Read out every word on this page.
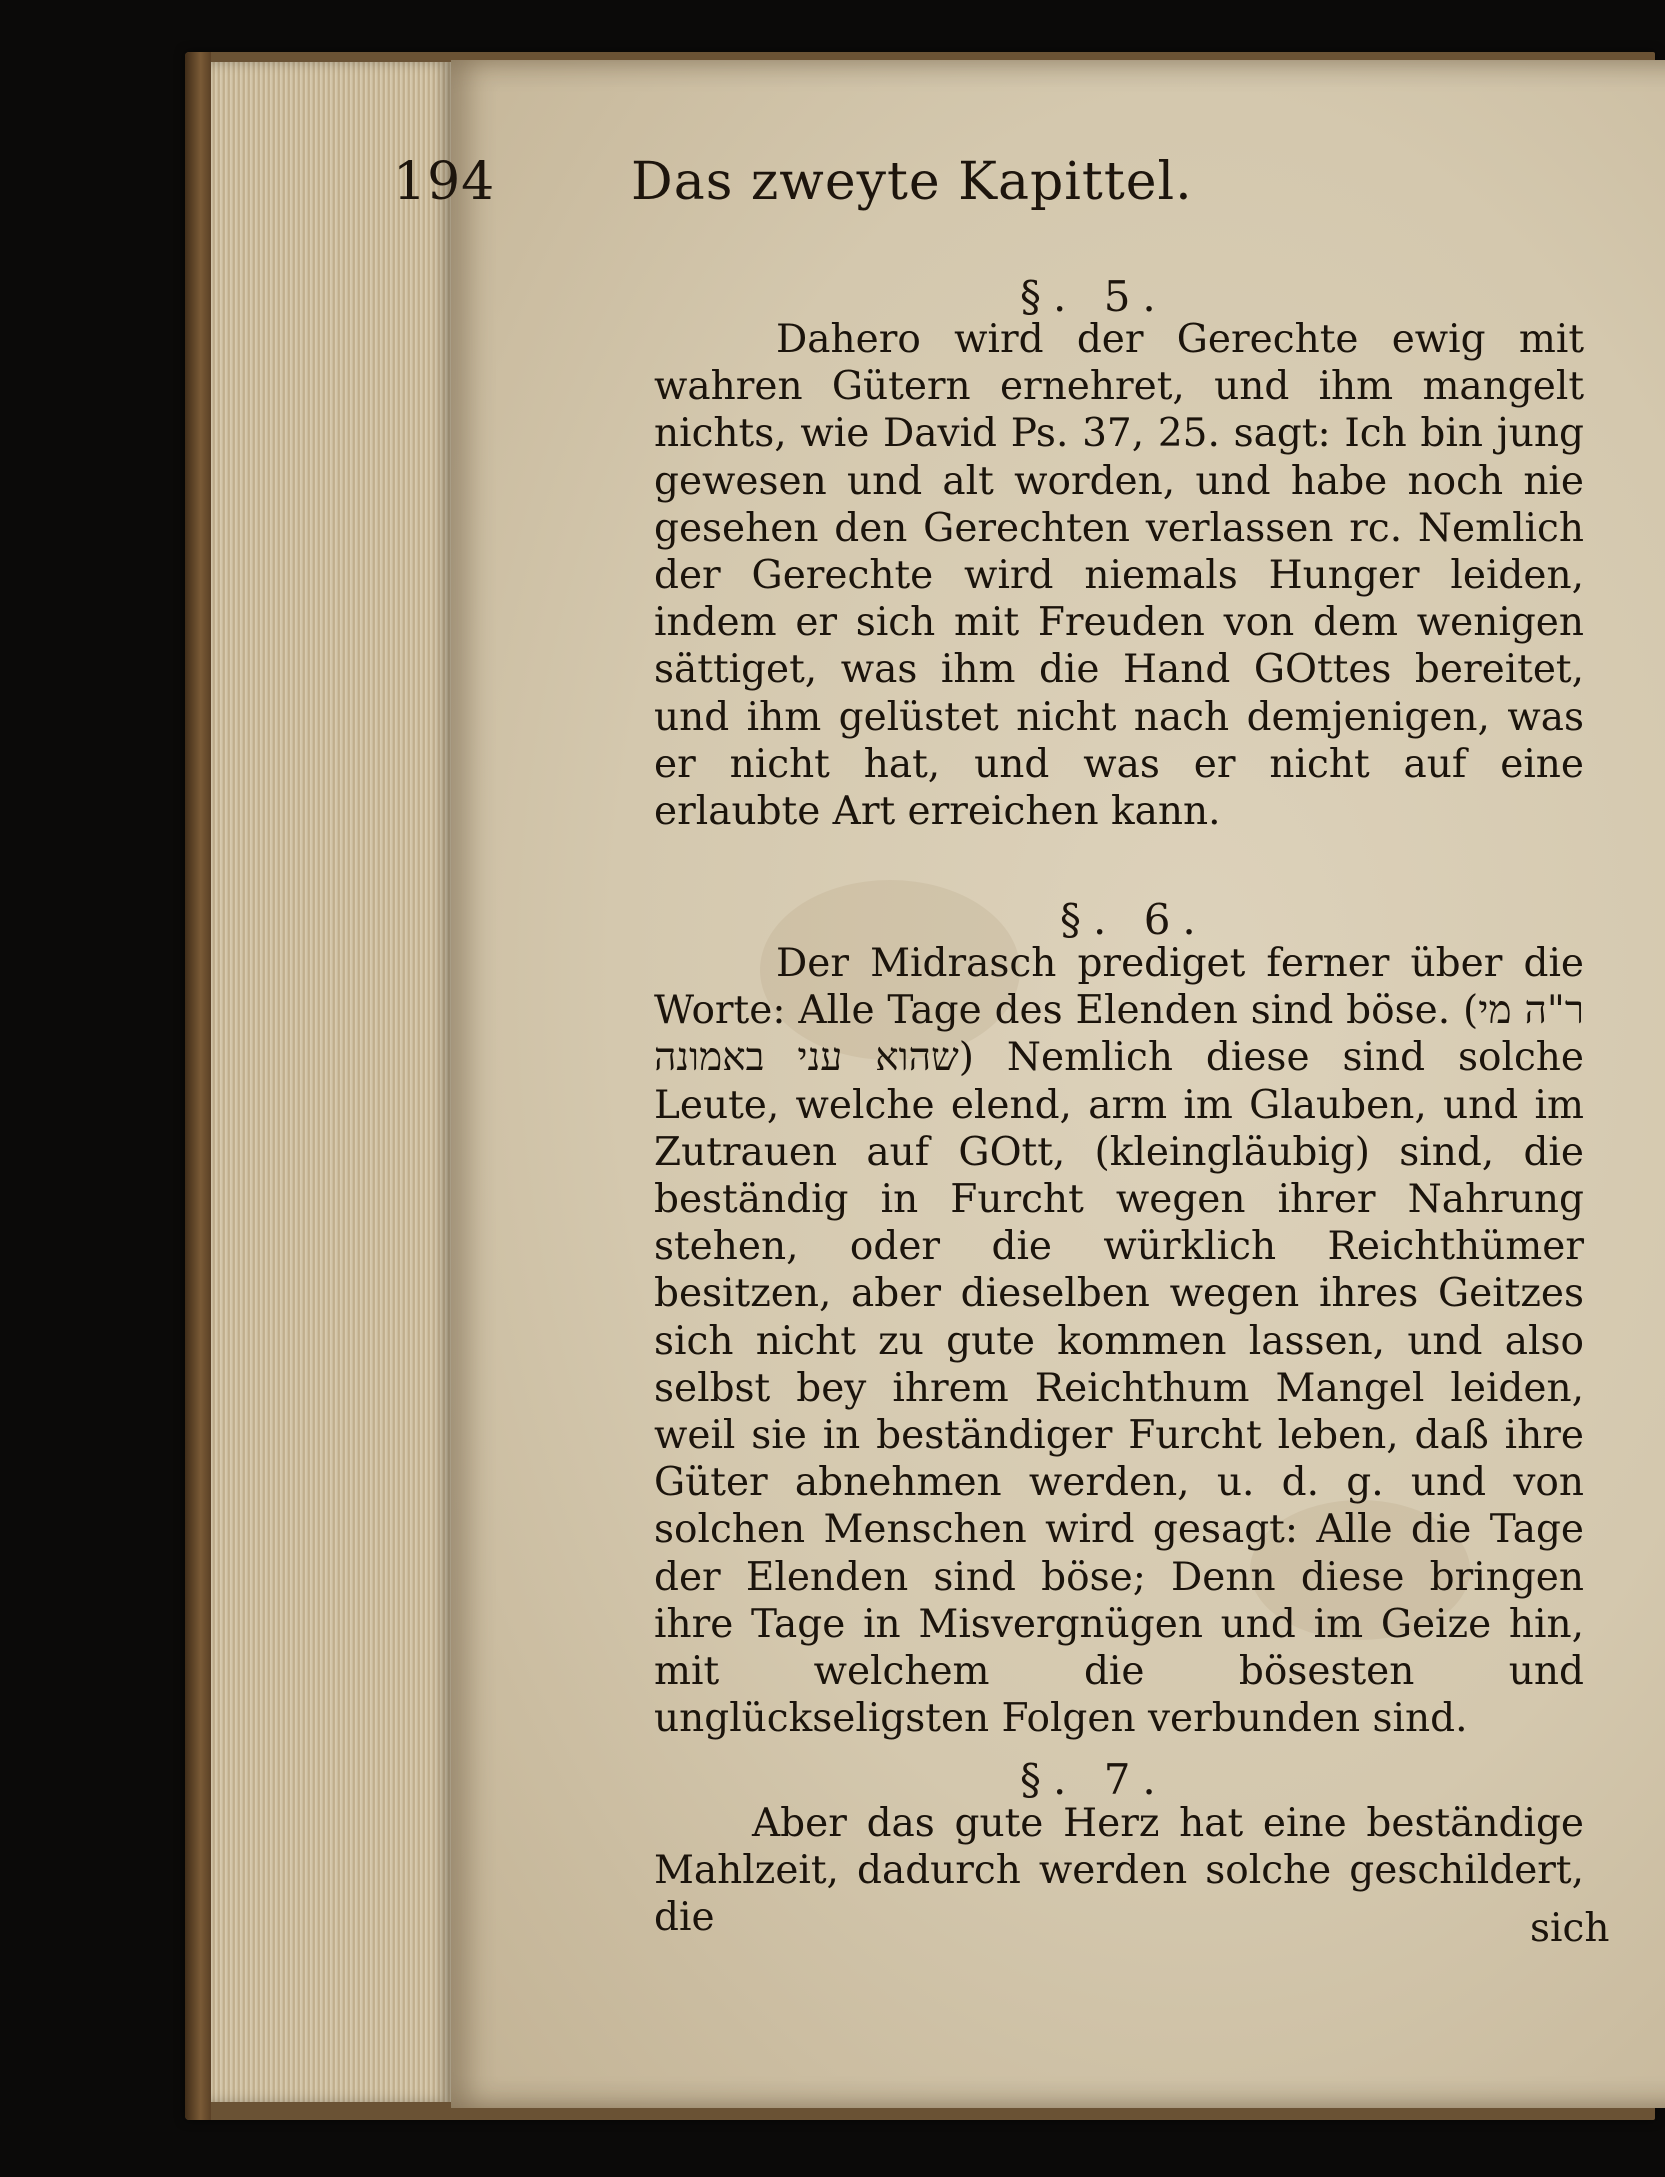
194	Das zweyte Kapittel.
§. 5.

Dahero wird der Gerechte ewig mit wahren Gütern ernehret, und ihm mangelt nichts, wie David Ps. 37, 25. sagt: Ich bin jung gewesen und alt worden, und habe noch nie gesehen den Gerechten verlassen rc. Nemlich der Gerechte wird niemals Hunger leiden, indem er sich mit Freuden von dem wenigen sättiget, was ihm die Hand GOttes bereitet, und ihm gelüstet nicht nach demjenigen, was er nicht hat, und was er nicht auf eine erlaubte Art erreichen kann.

§. 6.

Der Midrasch prediget ferner über die Worte: Alle Tage des Elenden sind böse. (ר"ה מי שהוא עני באמונה) Nemlich diese sind solche Leute, welche elend, arm im Glauben, und im Zutrauen auf GOtt, (kleingläubig) sind, die beständig in Furcht wegen ihrer Nahrung stehen, oder die würklich Reichthümer besitzen, aber dieselben wegen ihres Geitzes sich nicht zu gute kommen lassen, und also selbst bey ihrem Reichthum Mangel leiden, weil sie in beständiger Furcht leben, daß ihre Güter abnehmen werden, u. d. g. und von solchen Menschen wird gesagt: Alle die Tage der Elenden sind böse; Denn diese bringen ihre Tage in Misvergnügen und im Geize hin, mit welchem die bösesten und unglückseligsten Folgen verbunden sind.

§. 7.

Aber das gute Herz hat eine beständige Mahlzeit, dadurch werden solche geschildert, die	sich
